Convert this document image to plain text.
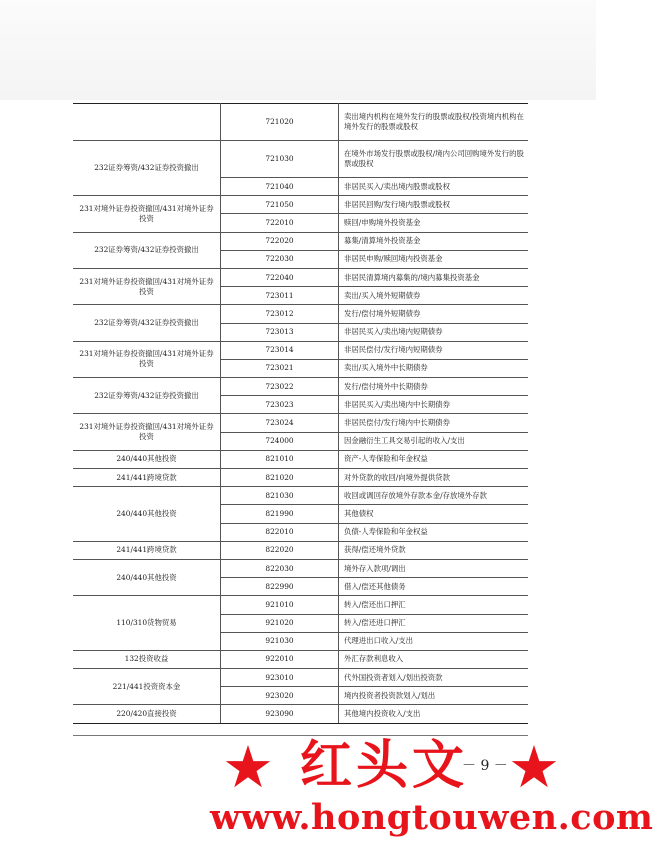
	721020	卖出境内机构在境外发行的股票或股权/投资境内机构在境外发行的股票或股权
232证券筹资/432证券投资撤出	721030	在境外市场发行股票或股权/境内公司回购境外发行的股票或股权
	721040	非居民买入/卖出境内股票或股权
231对境外证券投资撤回/431对境外证券投资	721050	非居民回购/发行境内股票或股权
	722010	赎回/申购境外投资基金
232证券筹资/432证券投资撤出	722020	募集/清算境外投资基金
	722030	非居民申购/赎回境内投资基金
231对境外证券投资撤回/431对境外证券投资	722040	非居民清算境内募集的/境内募集投资基金
	723011	卖出/买入境外短期债券
232证券筹资/432证券投资撤出	723012	发行/偿付境外短期债券
	723013	非居民买入/卖出境内短期债券
231对境外证券投资撤回/431对境外证券投资	723014	非居民偿付/发行境内短期债券
	723021	卖出/买入境外中长期债券
232证券筹资/432证券投资撤出	723022	发行/偿付境外中长期债券
	723023	非居民买入/卖出境内中长期债券
231对境外证券投资撤回/431对境外证券投资	723024	非居民偿付/发行境内中长期债券
	724000	因金融衍生工具交易引起的收入/支出
240/440其他投资	821010	资产-人寿保险和年金权益
241/441跨境贷款	821020	对外贷款的收回/向境外提供贷款
240/440其他投资	821030	收回或调回存放境外存款本金/存放境外存款
	821990	其他债权
	822010	负债-人寿保险和年金权益
241/441跨境贷款	822020	获得/偿还境外贷款
240/440其他投资	822030	境外存入款项/调出
	822990	借入/偿还其他债务
110/310货物贸易	921010	转入/偿还出口押汇
	921020	转入/偿还进口押汇
	921030	代理进出口收入/支出
132投资收益	922010	外汇存款利息收入
221/441投资资本金	923010	代外国投资者划入/划出投资款
	923020	境内投资者投资款划入/划出
220/420直接投资	923090	其他境内投资收入/支出
－ 9 －
★ 红头文 ★
www.hongtouwen.com
